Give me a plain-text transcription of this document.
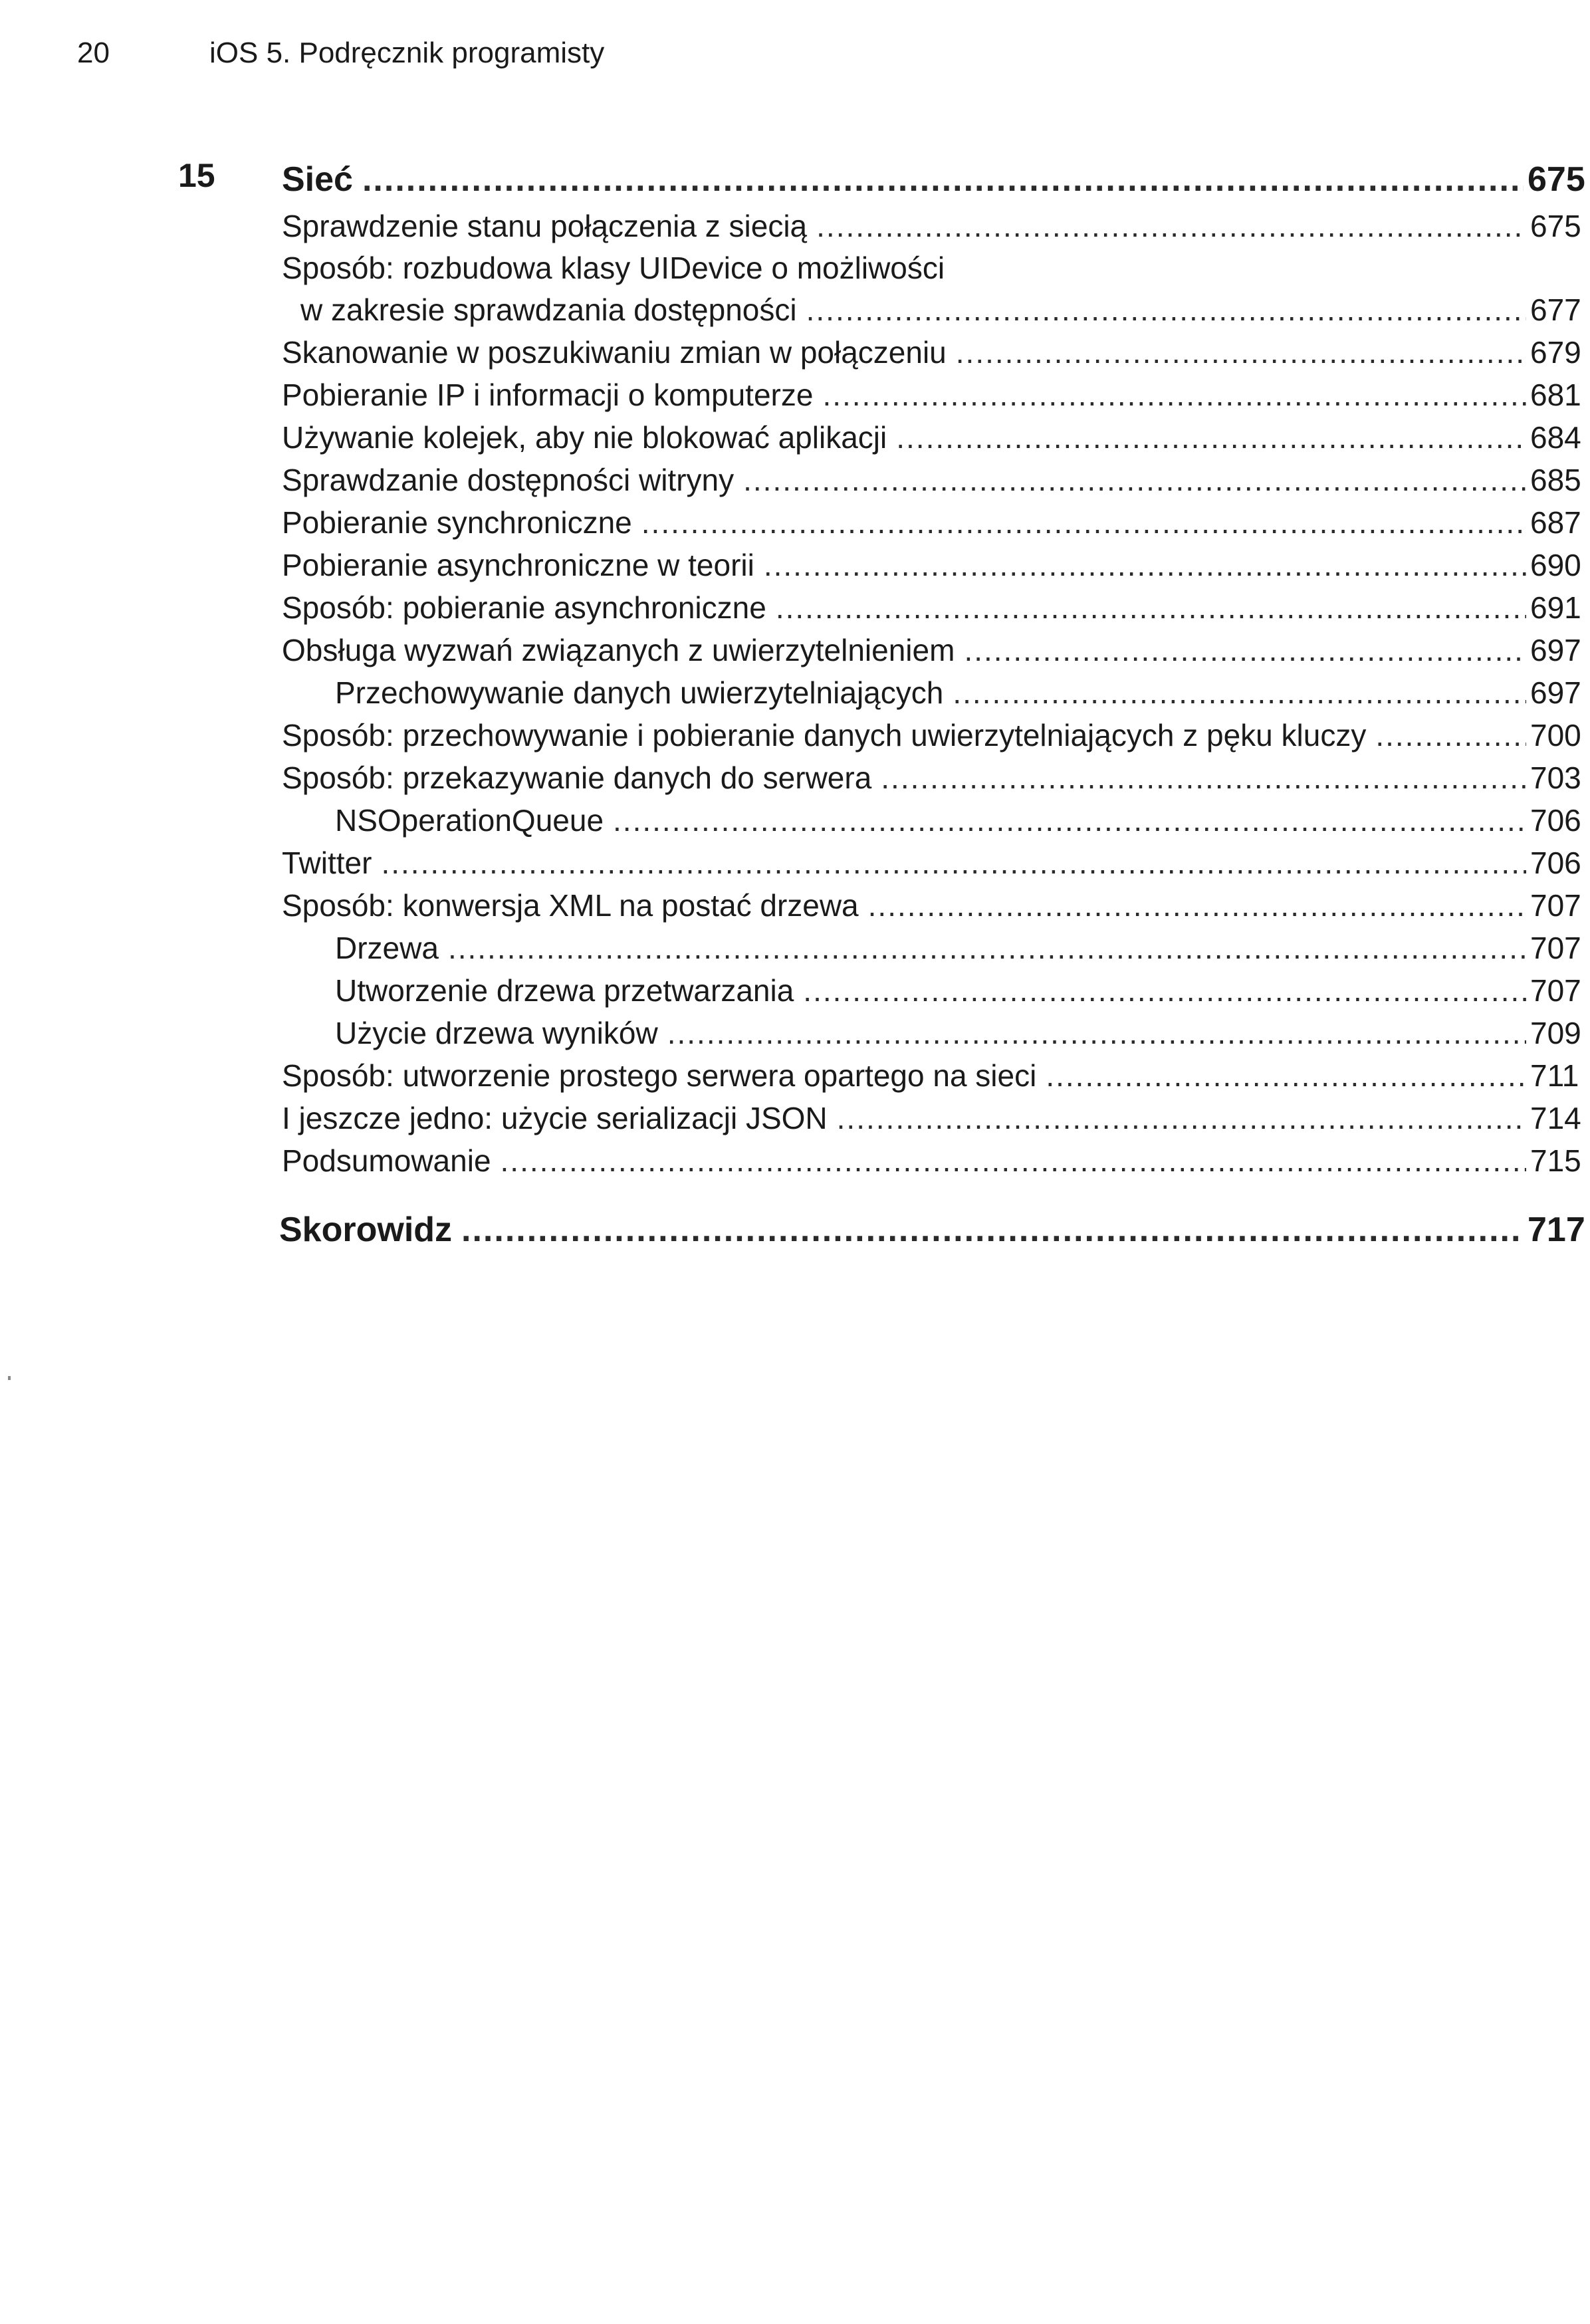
20	iOS 5. Podręcznik programisty
15 Sieć .....	675
Sprawdzenie stanu połączenia z siecią .....	675
Sposób: rozbudowa klasy UIDevice o możliwości
w zakresie sprawdzania dostępności .....	677
Skanowanie w poszukiwaniu zmian w połączeniu .....	679
Pobieranie IP i informacji o komputerze .....	681
Używanie kolejek, aby nie blokować aplikacji .....	684
Sprawdzanie dostępności witryny .....	685
Pobieranie synchroniczne .....	687
Pobieranie asynchroniczne w teorii .....	690
Sposób: pobieranie asynchroniczne .....	691
Obsługa wyzwań związanych z uwierzytelnieniem .....	697
Przechowywanie danych uwierzytelniających .....	697
Sposób: przechowywanie i pobieranie danych uwierzytelniających z pęku kluczy .....	700
Sposób: przekazywanie danych do serwera .....	703
NSOperationQueue .....	706
Twitter .....	706
Sposób: konwersja XML na postać drzewa .....	707
Drzewa .....	707
Utworzenie drzewa przetwarzania .....	707
Użycie drzewa wyników .....	709
Sposób: utworzenie prostego serwera opartego na sieci .....	711
I jeszcze jedno: użycie serializacji JSON .....	714
Podsumowanie .....	715
Skorowidz .....	717
